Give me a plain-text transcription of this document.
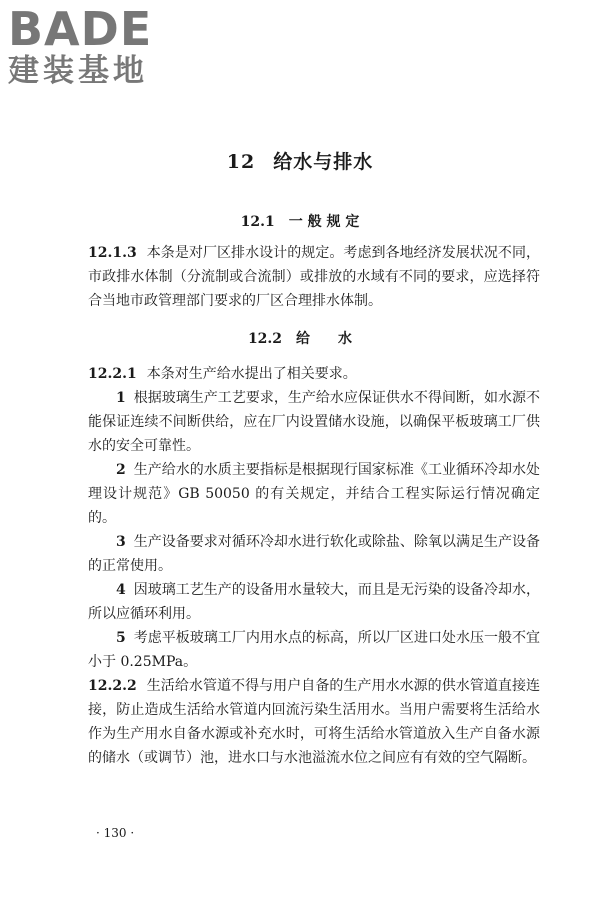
BADE
建装基地
12 给水与排水
12.1 一 般 规 定

12.1.3 本条是对厂区排水设计的规定。考虑到各地经济发展状况不同，市政排水体制（分流制或合流制）或排放的水域有不同的要求，应选择符合当地市政管理部门要求的厂区合理排水体制。

12.2 给　　水

12.2.1 本条对生产给水提出了相关要求。

1 根据玻璃生产工艺要求，生产给水应保证供水不得间断，如水源不能保证连续不间断供给，应在厂内设置储水设施，以确保平板玻璃工厂供水的安全可靠性。

2 生产给水的水质主要指标是根据现行国家标准《工业循环冷却水处理设计规范》GB 50050 的有关规定，并结合工程实际运行情况确定的。

3 生产设备要求对循环冷却水进行软化或除盐、除氧以满足生产设备的正常使用。

4 因玻璃工艺生产的设备用水量较大，而且是无污染的设备冷却水，所以应循环利用。

5 考虑平板玻璃工厂内用水点的标高，所以厂区进口处水压一般不宜小于 0.25MPa。

12.2.2 生活给水管道不得与用户自备的生产用水水源的供水管道直接连接，防止造成生活给水管道内回流污染生活用水。当用户需要将生活给水作为生产用水自备水源或补充水时，可将生活给水管道放入生产自备水源的储水（或调节）池，进水口与水池溢流水位之间应有有效的空气隔断。

· 130 ·
